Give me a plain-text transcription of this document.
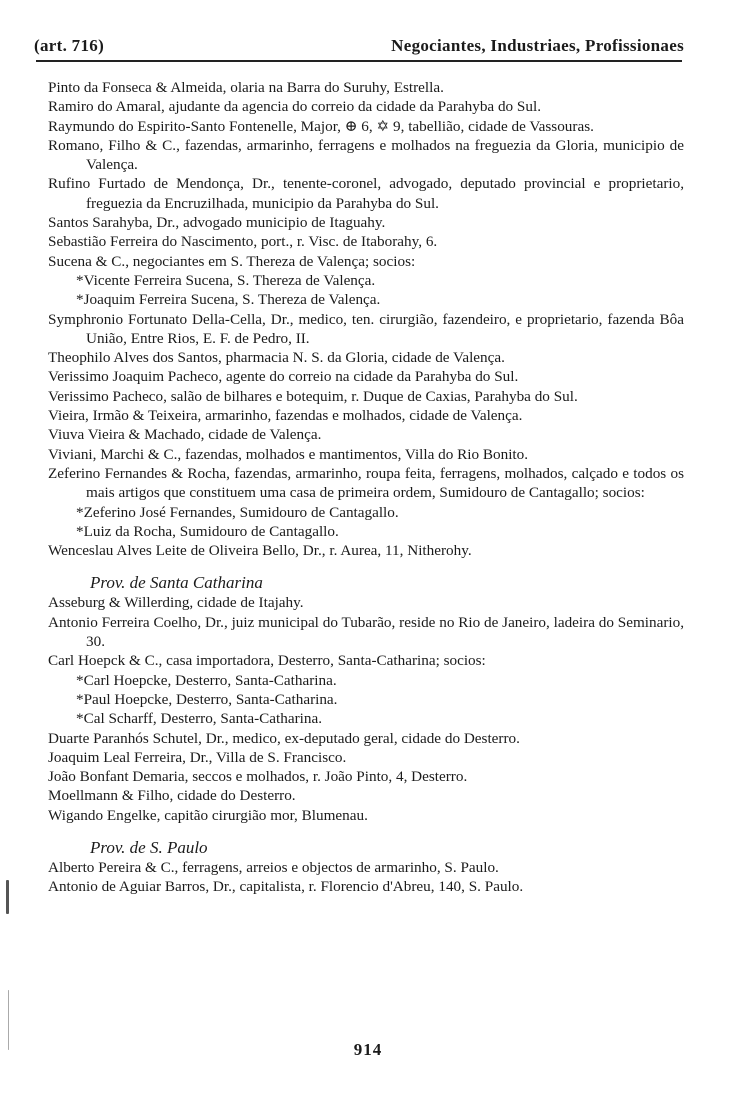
(art. 716)	Negociantes, Industriaes, Profissionaes

Pinto da Fonseca & Almeida, olaria na Barra do Suruhy, Estrella.

Ramiro do Amaral, ajudante da agencia do correio da cidade da Parahyba do Sul.

Raymundo do Espirito-Santo Fontenelle, Major, ⊕ 6, ✡ 9, tabellião, cidade de Vassouras.

Romano, Filho & C., fazendas, armarinho, ferragens e molhados na freguezia da Gloria, municipio de Valença.

Rufino Furtado de Mendonça, Dr., tenente-coronel, advogado, deputado provincial e proprietario, freguezia da Encruzilhada, municipio da Parahyba do Sul.

Santos Sarahyba, Dr., advogado municipio de Itaguahy.

Sebastião Ferreira do Nascimento, port., r. Visc. de Itaborahy, 6.

Sucena & C., negociantes em S. Thereza de Valença; socios:

*Vicente Ferreira Sucena, S. Thereza de Valença.

*Joaquim Ferreira Sucena, S. Thereza de Valença.

Symphronio Fortunato Della-Cella, Dr., medico, ten. cirurgião, fazendeiro, e proprietario, fazenda Bôa União, Entre Rios, E. F. de Pedro, II.

Theophilo Alves dos Santos, pharmacia N. S. da Gloria, cidade de Valença.

Verissimo Joaquim Pacheco, agente do correio na cidade da Parahyba do Sul.

Verissimo Pacheco, salão de bilhares e botequim, r. Duque de Caxias, Parahyba do Sul.

Vieira, Irmão & Teixeira, armarinho, fazendas e molhados, cidade de Valença.

Viuva Vieira & Machado, cidade de Valença.

Viviani, Marchi & C., fazendas, molhados e mantimentos, Villa do Rio Bonito.

Zeferino Fernandes & Rocha, fazendas, armarinho, roupa feita, ferragens, molhados, calçado e todos os mais artigos que constituem uma casa de primeira ordem, Sumidouro de Cantagallo; socios:

*Zeferino José Fernandes, Sumidouro de Cantagallo.

*Luiz da Rocha, Sumidouro de Cantagallo.

Wenceslau Alves Leite de Oliveira Bello, Dr., r. Aurea, 11, Nitherohy.

Prov. de Santa Catharina

Asseburg & Willerding, cidade de Itajahy.

Antonio Ferreira Coelho, Dr., juiz municipal do Tubarão, reside no Rio de Janeiro, ladeira do Seminario, 30.

Carl Hoepck & C., casa importadora, Desterro, Santa-Catharina; socios:

*Carl Hoepcke, Desterro, Santa-Catharina.

*Paul Hoepcke, Desterro, Santa-Catharina.

*Cal Scharff, Desterro, Santa-Catharina.

Duarte Paranhós Schutel, Dr., medico, ex-deputado geral, cidade do Desterro.

Joaquim Leal Ferreira, Dr., Villa de S. Francisco.

João Bonfant Demaria, seccos e molhados, r. João Pinto, 4, Desterro.

Moellmann & Filho, cidade do Desterro.

Wigando Engelke, capitão cirurgião mor, Blumenau.

Prov. de S. Paulo

Alberto Pereira & C., ferragens, arreios e objectos de armarinho, S. Paulo.

Antonio de Aguiar Barros, Dr., capitalista, r. Florencio d'Abreu, 140, S. Paulo.

914
